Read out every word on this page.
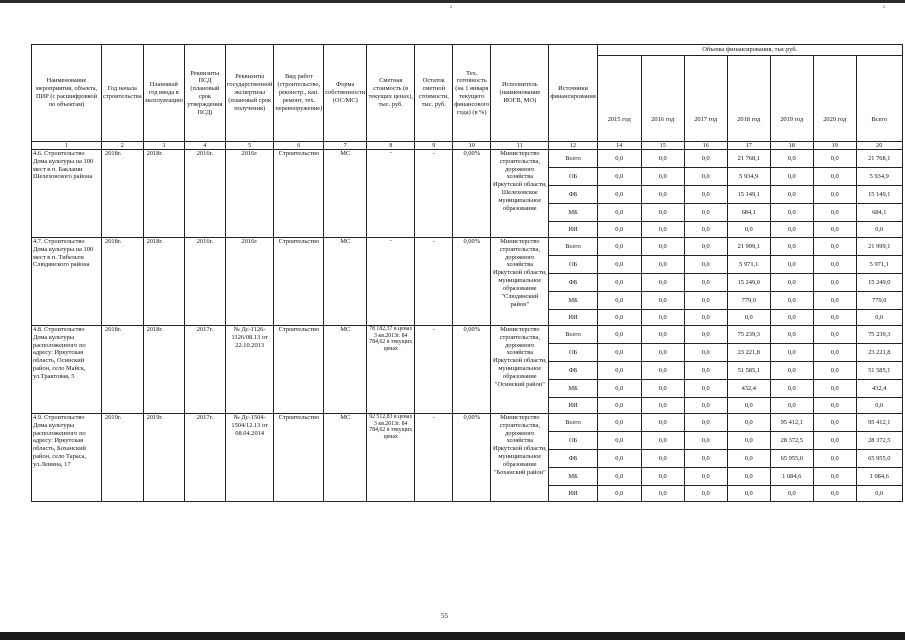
²	²
Наименование мероприятия, объекта, ПИР (с расшифровкой по объектам)	Год начала строительства	Плановый год ввода в эксплуатацию	Реквизиты ПСД (плановый срок утверждения ПСД)	Реквизиты государственной экспертизы (плановый срок получения)	Вид работ (строительство, реконстр., кап. ремонт, тех. перевооружение)	Форма собственности (ОС/МС)	Сметная стоимость (в текущих ценах), тыс. руб.	Остаток сметной стоимости, тыс. руб.	Тех. готовность (на 1 января текущего финансового года) (в %)	Исполнитель (наименование ИОГВ, МО)	Источники финансирования	Объемы финансирования, тыс.руб.						
												2015 год	2016 год	2017 год	2018 год	2019 год	2020 год	Всего
1	2	3	4	5	6	7	8	9	10	11	12	14	15	16	17	18	19	20
4.6. Строительство Дома культуры на 100 мест в п. Баклаши Шелеховского района	2018г.	2018г.	2016г.	2016г.	Строительство	МС	-	-	0,00%	Министерство строительства, дорожного хозяйства Иркутской области, Шелеховское муниципальное образование	Всего	0,0	0,0	0,0	21 768,1	0,0	0,0	21 768,1
											ОБ	0,0	0,0	0,0	5 934,9	0,0	0,0	5 934,9
											ФБ	0,0	0,0	0,0	15 149,1	0,0	0,0	15 149,1
											МБ	0,0	0,0	0,0	684,1	0,0	0,0	684,1
											ИИ	0,0	0,0	0,0	0,0	0,0	0,0	0,0
4.7. Строительство Дома культуры на 100 мест в п. Тибельти Слюдянского района	2018г.	2018г.	2016г.	2016г.	Строительство	МС	-	-	0,00%	Министерство строительства, дорожного хозяйства Иркутской области, муниципальное образование "Слюдянский район"	Всего	0,0	0,0	0,0	21 999,1	0,0	0,0	21 999,1
											ОБ	0,0	0,0	0,0	5 971,1	0,0	0,0	5 971,1
											ФБ	0,0	0,0	0,0	15 249,0	0,0	0,0	15 249,0
											МБ	0,0	0,0	0,0	779,0	0,0	0,0	779,0
											ИИ	0,0	0,0	0,0	0,0	0,0	0,0	0,0
4.8. Строительство Дома культуры расположенного по адресу: Иркутская область, Осинский район, село Майск, ул.Трактовая, 5	2018г.	2018г.	2017г.	№ Дс-1126-1126/08.13 от 22.10.2013	Строительство	МС	78 182,37 в ценах 3 кв.2013г. 84 784,62 в текущих ценах	-	0,00%	Министерство строительства, дорожного хозяйства Иркутской области, муниципальное образование "Осинский район"	Всего	0,0	0,0	0,0	75 239,3	0,0	0,0	75 239,3
											ОБ	0,0	0,0	0,0	23 221,8	0,0	0,0	23 221,8
											ФБ	0,0	0,0	0,0	51 585,1	0,0	0,0	51 585,1
											МБ	0,0	0,0	0,0	432,4	0,0	0,0	432,4
											ИИ	0,0	0,0	0,0	0,0	0,0	0,0	0,0
4.9. Строительство Дома культуры расположенного по адресу: Иркутская область, Боханский район, село Тараса, ул.Ленина, 17	2019г.	2019г.	2017г.	№ Дс-1504-1504/12.13 от 08.04.2014	Строительство	МС	92 512,83 в ценах 3 кв.2013г. 84 784,62 в текущих ценах	-	0,00%	Министерство строительства, дорожного хозяйства Иркутской области, муниципальное образование "Боханский район"	Всего	0,0	0,0	0,0	0,0	95 412,1	0,0	95 412,1
											ОБ	0,0	0,0	0,0	0,0	28 372,5	0,0	28 372,5
											ФБ	0,0	0,0	0,0	0,0	65 955,0	0,0	65 955,0
											МБ	0,0	0,0	0,0	0,0	1 084,6	0,0	1 084,6
											ИИ	0,0	0,0	0,0	0,0	0,0	0,0	0,0
55
